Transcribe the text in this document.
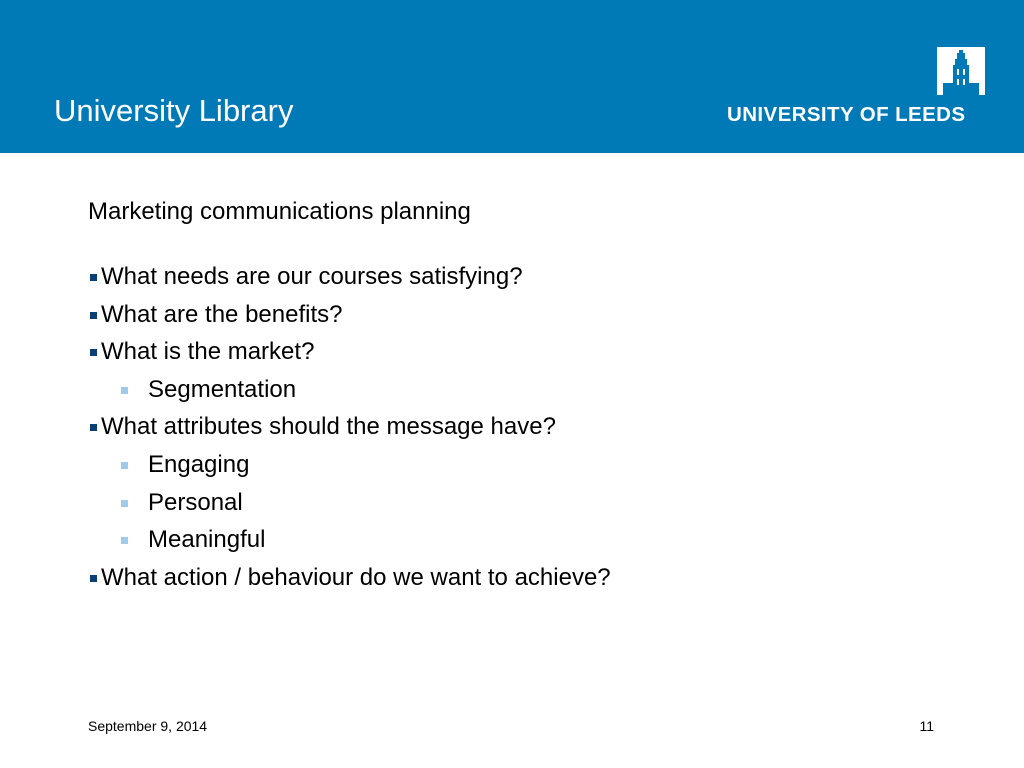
University Library	UNIVERSITY OF LEEDS
Marketing communications planning
What needs are our courses satisfying?
What are the benefits?
What is the market?
Segmentation
What attributes should the message have?
Engaging
Personal
Meaningful
What action / behaviour do we want to achieve?
September 9, 2014	11
